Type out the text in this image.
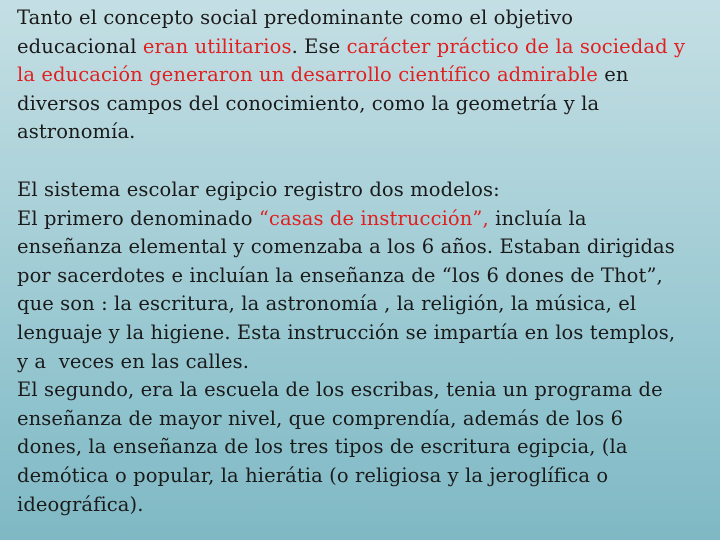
Tanto el concepto social predominante como el objetivo
educacional eran utilitarios. Ese carácter práctico de la sociedad y
la educación generaron un desarrollo científico admirable en
diversos campos del conocimiento, como la geometría y la
astronomía.
El sistema escolar egipcio registro dos modelos:
El primero denominado “casas de instrucción”, incluía la
enseñanza elemental y comenzaba a los 6 años. Estaban dirigidas
por sacerdotes e incluían la enseñanza de “los 6 dones de Thot”,
que son : la escritura, la astronomía , la religión, la música, el
lenguaje y la higiene. Esta instrucción se impartía en los templos,
y a  veces en las calles.
El segundo, era la escuela de los escribas, tenia un programa de
enseñanza de mayor nivel, que comprendía, además de los 6
dones, la enseñanza de los tres tipos de escritura egipcia, (la
demótica o popular, la hierátia (o religiosa y la jeroglífica o
ideográfica).
